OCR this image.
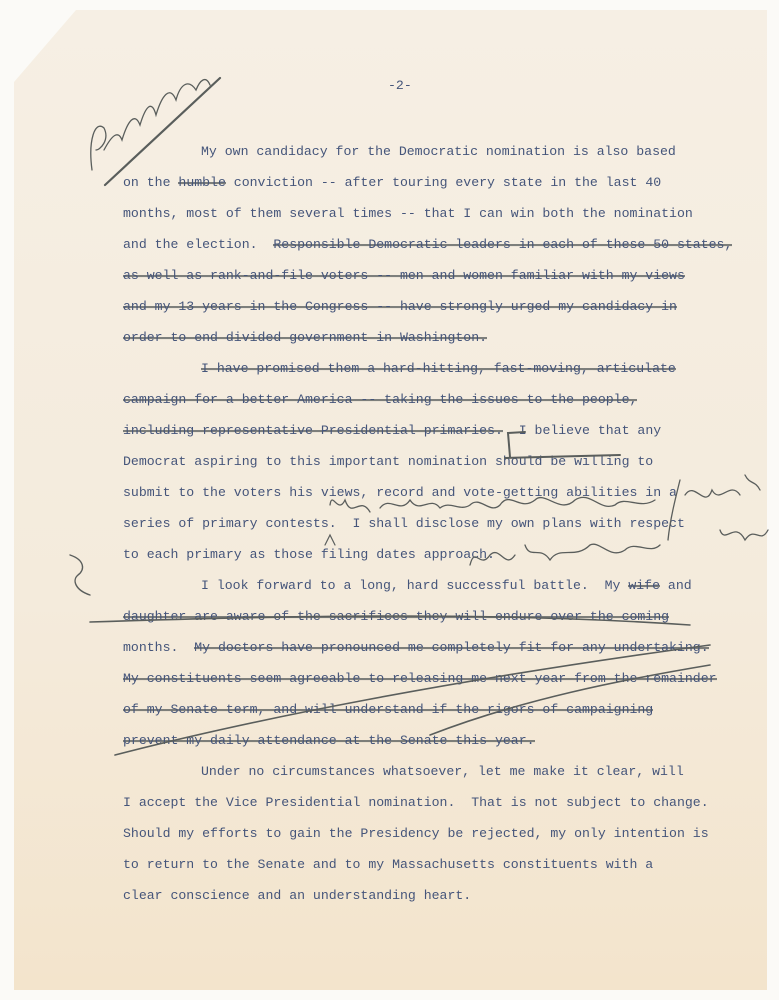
-2-
My own candidacy for the Democratic nomination is also based
on the humble conviction -- after touring every state in the last 40
months, most of them several times -- that I can win both the nomination
and the election.  Responsible Democratic leaders in each of these 50 states,
as well as rank-and-file voters -- men and women familiar with my views
and my 13 years in the Congress -- have strongly urged my candidacy in
order to end divided government in Washington.
I have promised them a hard-hitting, fast-moving, articulate
campaign for a better America -- taking the issues to the people,
including representative Presidential primaries.  I believe that any
Democrat aspiring to this important nomination should be willing to
submit to the voters his views, record and vote-getting abilities in a
series of primary contests.  I shall disclose my own plans with respect
to each primary as those filing dates approach.
I look forward to a long, hard successful battle.  My wife and
daughter are aware of the sacrifices they will endure over the coming
months.  My doctors have pronounced me completely fit for any undertaking.
My constituents seem agreeable to releasing me next year from the remainder
of my Senate term, and will understand if the rigors of campaigning
prevent my daily attendance at the Senate this year.
Under no circumstances whatsoever, let me make it clear, will
I accept the Vice Presidential nomination.  That is not subject to change.
Should my efforts to gain the Presidency be rejected, my only intention is
to return to the Senate and to my Massachusetts constituents with a
clear conscience and an understanding heart.
